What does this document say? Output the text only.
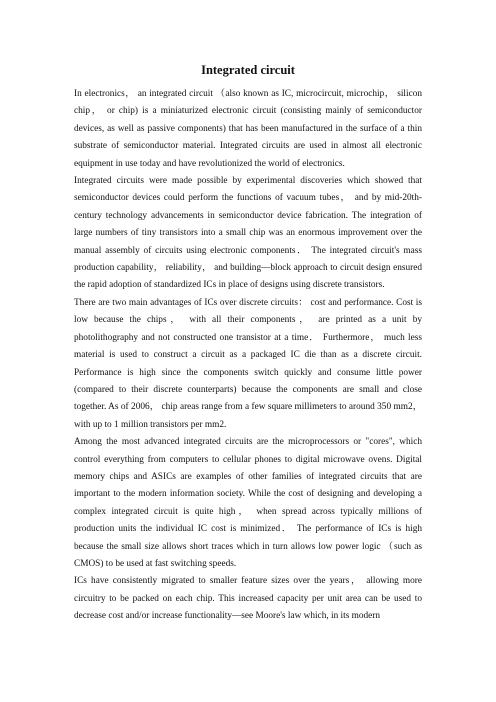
Integrated circuit

In electronics， an integrated circuit （also known as IC, microcircuit, microchip， silicon chip， or chip) is a miniaturized electronic circuit (consisting mainly of semiconductor devices, as well as passive components) that has been manufactured in the surface of a thin substrate of semiconductor material. Integrated circuits are used in almost all electronic equipment in use today and have revolutionized the world of electronics.

Integrated circuits were made possible by experimental discoveries which showed that semiconductor devices could perform the functions of vacuum tubes， and by mid-20th-century technology advancements in semiconductor device fabrication. The integration of large numbers of tiny transistors into a small chip was an enormous improvement over the manual assembly of circuits using electronic components． The integrated circuit's mass production capability， reliability， and building—block approach to circuit design ensured the rapid adoption of standardized ICs in place of designs using discrete transistors.

There are two main advantages of ICs over discrete circuits： cost and performance. Cost is low because the chips， with all their components， are printed as a unit by photolithography and not constructed one transistor at a time． Furthermore， much less material is used to construct a circuit as a packaged IC die than as a discrete circuit. Performance is high since the components switch quickly and consume little power (compared to their discrete counterparts) because the components are small and close together. As of 2006， chip areas range from a few square millimeters to around 350 mm2， with up to 1 million transistors per mm2.

Among the most advanced integrated circuits are the microprocessors or "cores", which control everything from computers to cellular phones to digital microwave ovens. Digital memory chips and ASICs are examples of other families of integrated circuits that are important to the modern information society. While the cost of designing and developing a complex integrated circuit is quite high， when spread across typically millions of production units the individual IC cost is minimized． The performance of ICs is high because the small size allows short traces which in turn allows low power logic （such as CMOS) to be used at fast switching speeds.

ICs have consistently migrated to smaller feature sizes over the years， allowing more circuitry to be packed on each chip. This increased capacity per unit area can be used to decrease cost and/or increase functionality—see Moore's law which, in its modern
